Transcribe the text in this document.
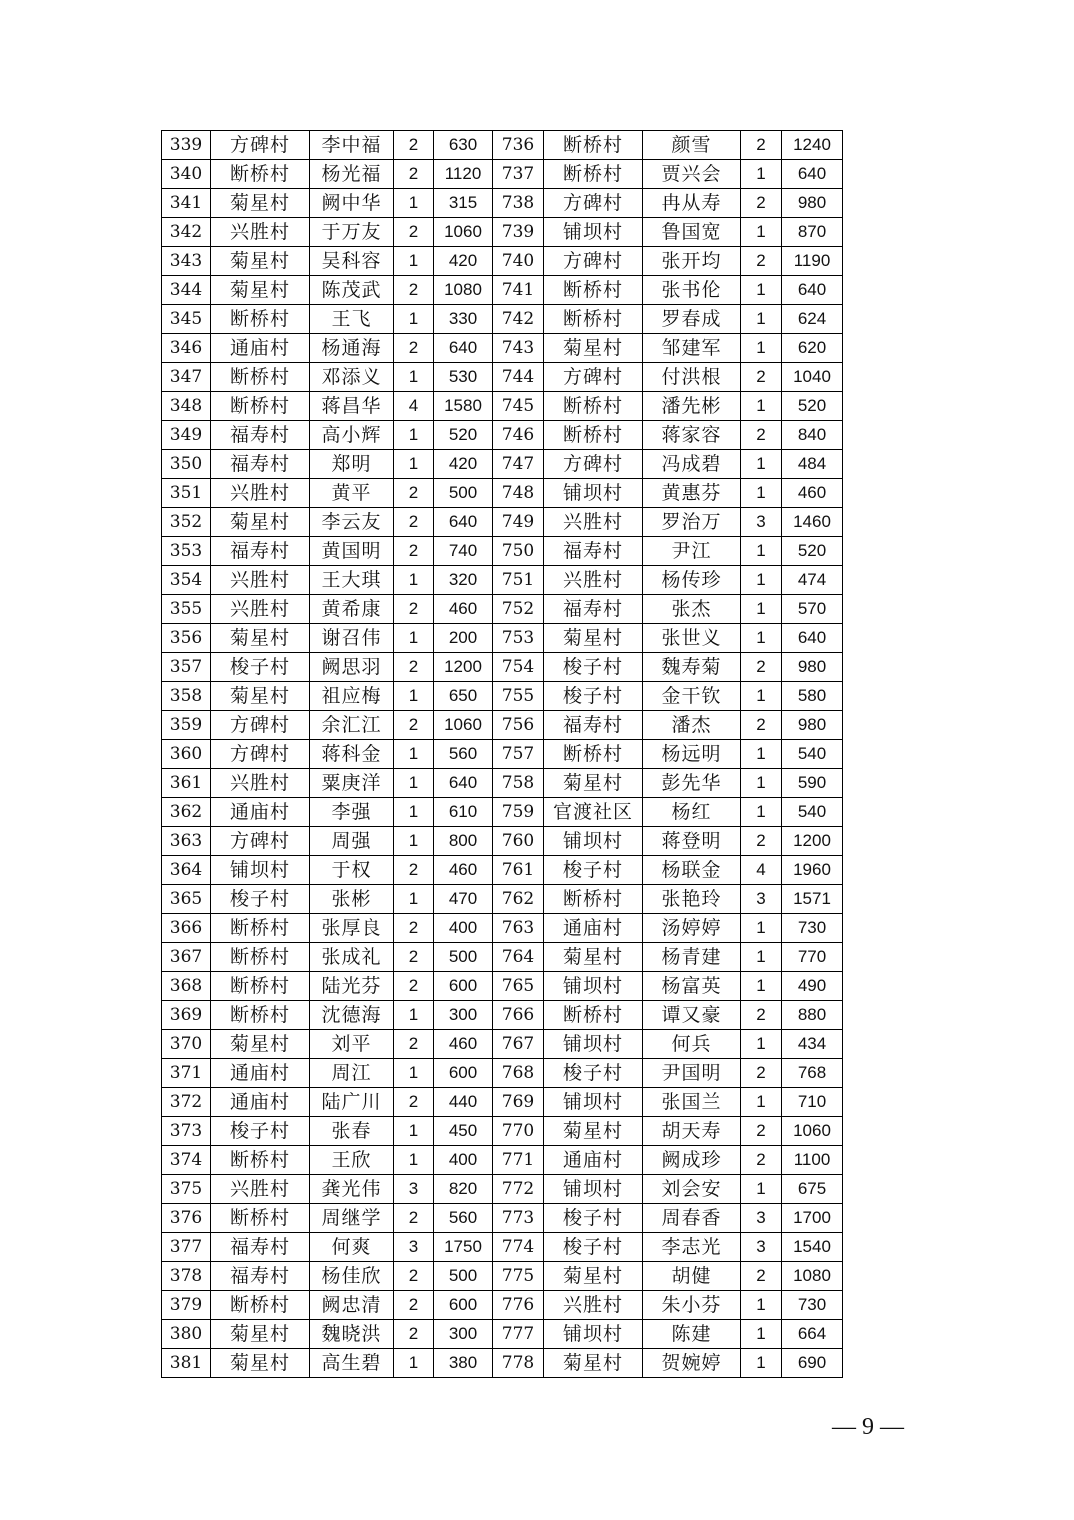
339	方碑村	李中福	2	630	736	断桥村	颜雪	2	1240
340	断桥村	杨光福	2	1120	737	断桥村	贾兴会	1	640
341	菊星村	阙中华	1	315	738	方碑村	冉从寿	2	980
342	兴胜村	于万友	2	1060	739	铺坝村	鲁国宽	1	870
343	菊星村	吴科容	1	420	740	方碑村	张开均	2	1190
344	菊星村	陈茂武	2	1080	741	断桥村	张书伦	1	640
345	断桥村	王飞	1	330	742	断桥村	罗春成	1	624
346	通庙村	杨通海	2	640	743	菊星村	邹建军	1	620
347	断桥村	邓添义	1	530	744	方碑村	付洪根	2	1040
348	断桥村	蒋昌华	4	1580	745	断桥村	潘先彬	1	520
349	福寿村	高小辉	1	520	746	断桥村	蒋家容	2	840
350	福寿村	郑明	1	420	747	方碑村	冯成碧	1	484
351	兴胜村	黄平	2	500	748	铺坝村	黄惠芬	1	460
352	菊星村	李云友	2	640	749	兴胜村	罗治万	3	1460
353	福寿村	黄国明	2	740	750	福寿村	尹江	1	520
354	兴胜村	王大琪	1	320	751	兴胜村	杨传珍	1	474
355	兴胜村	黄希康	2	460	752	福寿村	张杰	1	570
356	菊星村	谢召伟	1	200	753	菊星村	张世义	1	640
357	梭子村	阙思羽	2	1200	754	梭子村	魏寿菊	2	980
358	菊星村	祖应梅	1	650	755	梭子村	金干钦	1	580
359	方碑村	余汇江	2	1060	756	福寿村	潘杰	2	980
360	方碑村	蒋科金	1	560	757	断桥村	杨远明	1	540
361	兴胜村	粟庚洋	1	640	758	菊星村	彭先华	1	590
362	通庙村	李强	1	610	759	官渡社区	杨红	1	540
363	方碑村	周强	1	800	760	铺坝村	蒋登明	2	1200
364	铺坝村	于权	2	460	761	梭子村	杨联金	4	1960
365	梭子村	张彬	1	470	762	断桥村	张艳玲	3	1571
366	断桥村	张厚良	2	400	763	通庙村	汤婷婷	1	730
367	断桥村	张成礼	2	500	764	菊星村	杨青建	1	770
368	断桥村	陆光芬	2	600	765	铺坝村	杨富英	1	490
369	断桥村	沈德海	1	300	766	断桥村	谭又豪	2	880
370	菊星村	刘平	2	460	767	铺坝村	何兵	1	434
371	通庙村	周江	1	600	768	梭子村	尹国明	2	768
372	通庙村	陆广川	2	440	769	铺坝村	张国兰	1	710
373	梭子村	张春	1	450	770	菊星村	胡天寿	2	1060
374	断桥村	王欣	1	400	771	通庙村	阙成珍	2	1100
375	兴胜村	龚光伟	3	820	772	铺坝村	刘会安	1	675
376	断桥村	周继学	2	560	773	梭子村	周春香	3	1700
377	福寿村	何爽	3	1750	774	梭子村	李志光	3	1540
378	福寿村	杨佳欣	2	500	775	菊星村	胡健	2	1080
379	断桥村	阙忠清	2	600	776	兴胜村	朱小芬	1	730
380	菊星村	魏晓洪	2	300	777	铺坝村	陈建	1	664
381	菊星村	高生碧	1	380	778	菊星村	贺婉婷	1	690
— 9 —
